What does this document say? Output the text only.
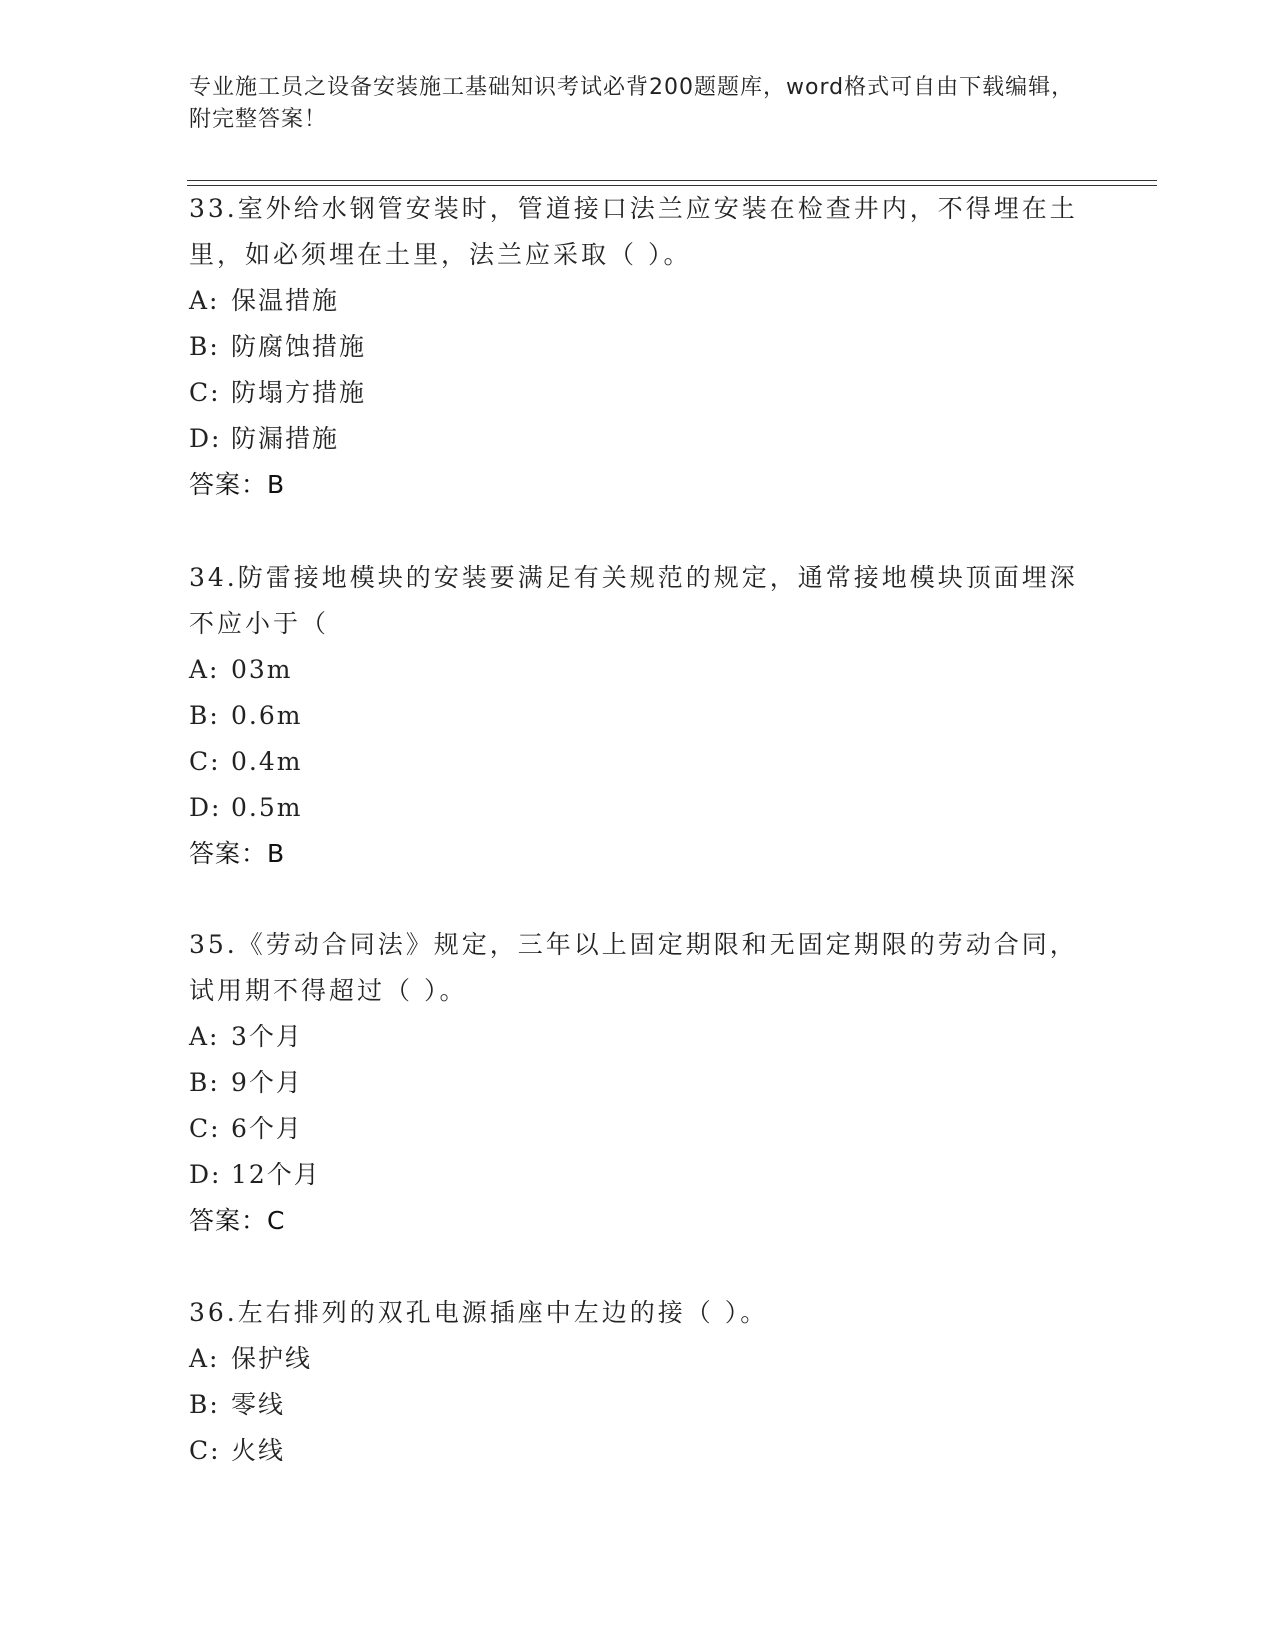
专业施工员之设备安装施工基础知识考试必背200题题库，word格式可自由下载编辑，附完整答案！

33.室外给水钢管安装时，管道接口法兰应安装在检查井内，不得埋在土里，如必须埋在土里，法兰应采取（ ）。

A: 保温措施

B: 防腐蚀措施

C: 防塌方措施

D: 防漏措施

答案：B

34.防雷接地模块的安装要满足有关规范的规定，通常接地模块顶面埋深不应小于（

A: 03m

B: 0.6m

C: 0.4m

D: 0.5m

答案：B

35.《劳动合同法》规定，三年以上固定期限和无固定期限的劳动合同，试用期不得超过（ ）。

A: 3个月

B: 9个月

C: 6个月

D: 12个月

答案：C

36.左右排列的双孔电源插座中左边的接（ ）。

A: 保护线

B: 零线

C: 火线
